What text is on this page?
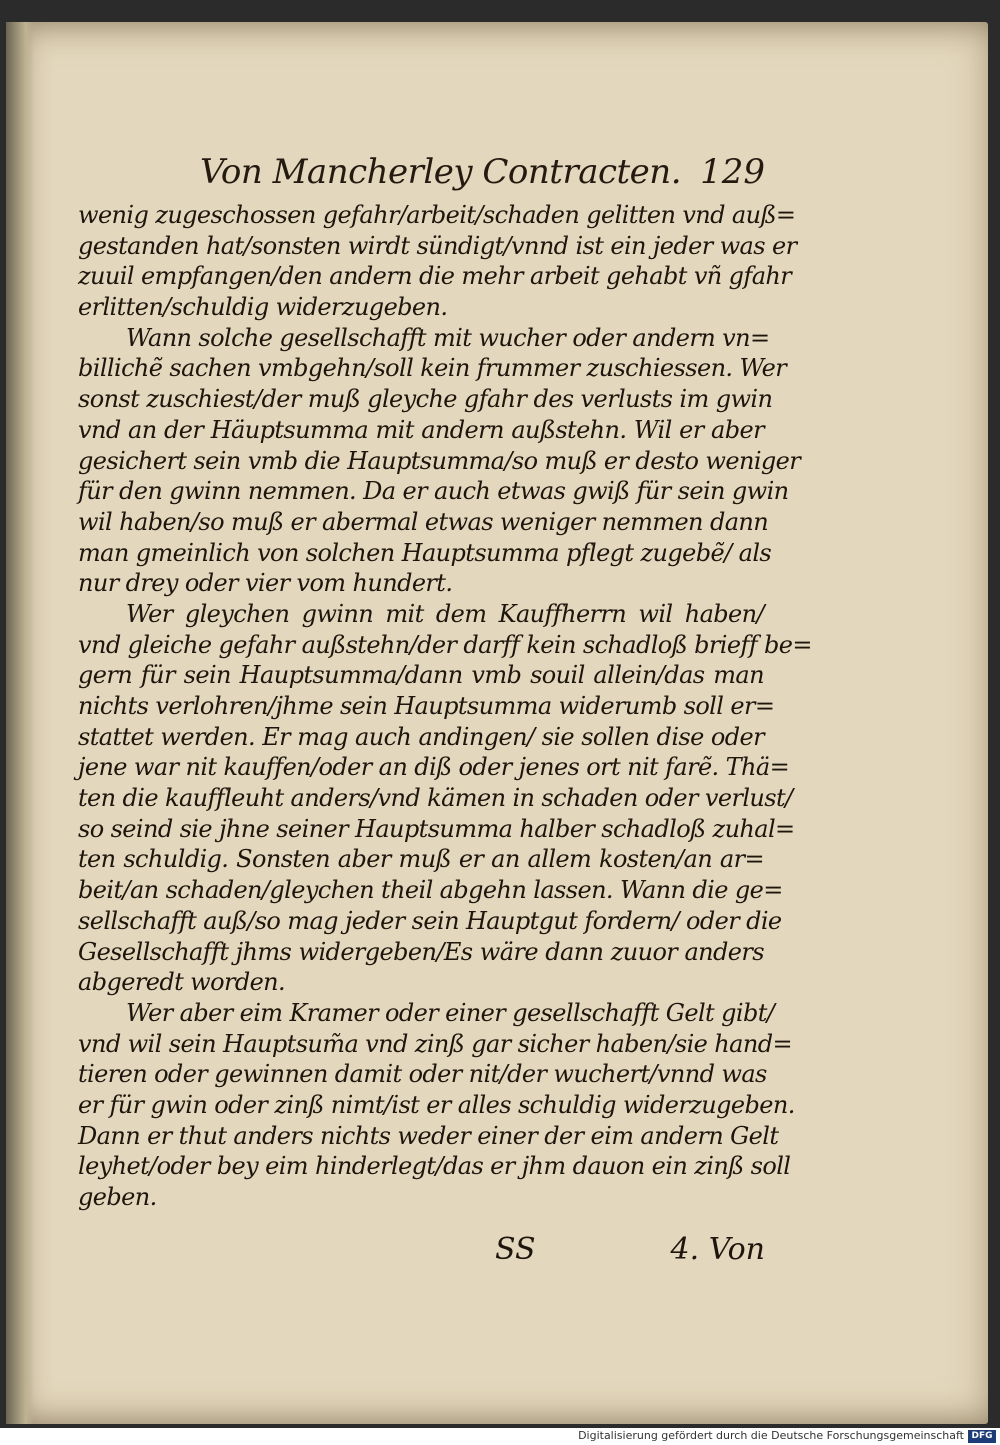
Von Mancherley Contracten. 129
wenig zugeschossen gefahr/arbeit/schaden gelitten vnd auß=
gestanden hat/sonsten wirdt sündigt/vnnd ist ein jeder was er
zuuil empfangen/den andern die mehr arbeit gehabt vñ gfahr
erlitten/schuldig widerzugeben.
Wann solche gesellschafft mit wucher oder andern vn=
billichẽ sachen vmbgehn/soll kein frummer zuschiessen. Wer
sonst zuschiest/der muß gleyche gfahr des verlusts im gwin
vnd an der Häuptsumma mit andern außstehn. Wil er aber
gesichert sein vmb die Hauptsumma/so muß er desto weniger
für den gwinn nemmen. Da er auch etwas gwiß für sein gwin
wil haben/so muß er abermal etwas weniger nemmen dann
man gmeinlich von solchen Hauptsumma pflegt zugebẽ/ als
nur drey oder vier vom hundert.
Wer gleychen gwinn mit dem Kauffherrn wil haben/
vnd gleiche gefahr außstehn/der darff kein schadloß brieff be=
gern für sein Hauptsumma/dann vmb souil allein/das man
nichts verlohren/jhme sein Hauptsumma widerumb soll er=
stattet werden. Er mag auch andingen/ sie sollen dise oder
jene war nit kauffen/oder an diß oder jenes ort nit farẽ. Thä=
ten die kauffleuht anders/vnd kämen in schaden oder verlust/
so seind sie jhne seiner Hauptsumma halber schadloß zuhal=
ten schuldig. Sonsten aber muß er an allem kosten/an ar=
beit/an schaden/gleychen theil abgehn lassen. Wann die ge=
sellschafft auß/so mag jeder sein Hauptgut fordern/ oder die
Gesellschafft jhms widergeben/Es wäre dann zuuor anders
abgeredt worden.
Wer aber eim Kramer oder einer gesellschafft Gelt gibt/
vnd wil sein Hauptsum̃a vnd zinß gar sicher haben/sie hand=
tieren oder gewinnen damit oder nit/der wuchert/vnnd was
er für gwin oder zinß nimt/ist er alles schuldig widerzugeben.
Dann er thut anders nichts weder einer der eim andern Gelt
leyhet/oder bey eim hinderlegt/das er jhm dauon ein zinß soll
geben.
SS	4. Von
Digitalisierung gefördert durch die Deutsche Forschungsgemeinschaft DFG
